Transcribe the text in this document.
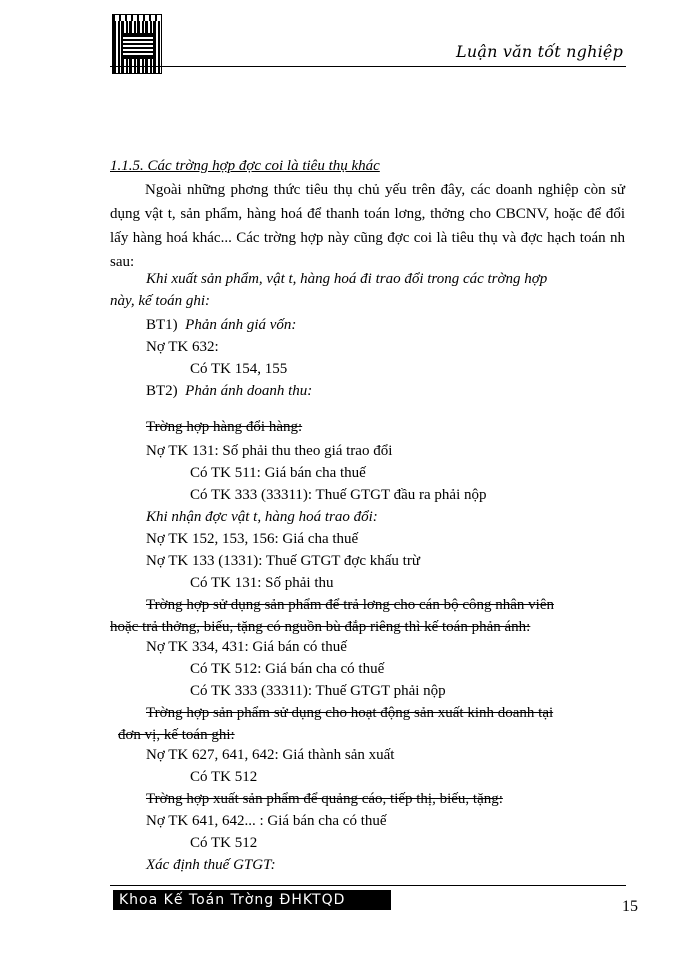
Luận văn tốt nghiệp
1.1.5. Các trờng hợp đợc coi là tiêu thụ khác
Ngoài những phơng thức tiêu thụ chủ yếu trên đây, các doanh nghiệp còn sử dụng vật t, sản phẩm, hàng hoá để thanh toán lơng, thởng cho CBCNV, hoặc để đổi lấy hàng hoá khác... Các trờng hợp này cũng đợc coi là tiêu thụ và đợc hạch toán nh sau:
Khi xuất sản phẩm, vật t, hàng hoá đi trao đổi trong các trờng hợp
này, kế toán ghi:
BT1) Phản ánh giá vốn:
Nợ TK 632:
Có TK 154, 155
BT2) Phản ánh doanh thu:
Trờng hợp hàng đổi hàng:
Nợ TK 131: Số phải thu theo giá trao đổi
Có TK 511: Giá bán cha thuế
Có TK 333 (33311): Thuế GTGT đầu ra phải nộp
Khi nhận đợc vật t, hàng hoá trao đổi:
Nợ TK 152, 153, 156: Giá cha thuế
Nợ TK 133 (1331): Thuế GTGT đợc khấu trừ
Có TK 131: Số phải thu
Trờng hợp sử dụng sản phẩm để trả lơng cho cán bộ công nhân viên
hoặc trả thởng, biếu, tặng có nguồn bù đắp riêng thì kế toán phản ánh:
Nợ TK 334, 431: Giá bán có thuế
Có TK 512: Giá bán cha có thuế
Có TK 333 (33311): Thuế GTGT phải nộp
Trờng hợp sản phẩm sử dụng cho hoạt động sản xuất kinh doanh tại
đơn vị, kế toán ghi:
Nợ TK 627, 641, 642: Giá thành sản xuất
Có TK 512
Trờng hợp xuất sản phẩm để quảng cáo, tiếp thị, biếu, tặng:
Nợ TK 641, 642... : Giá bán cha có thuế
Có TK 512
Xác định thuế GTGT:
Khoa Kế Toán Trờng ĐHKTQD	15
